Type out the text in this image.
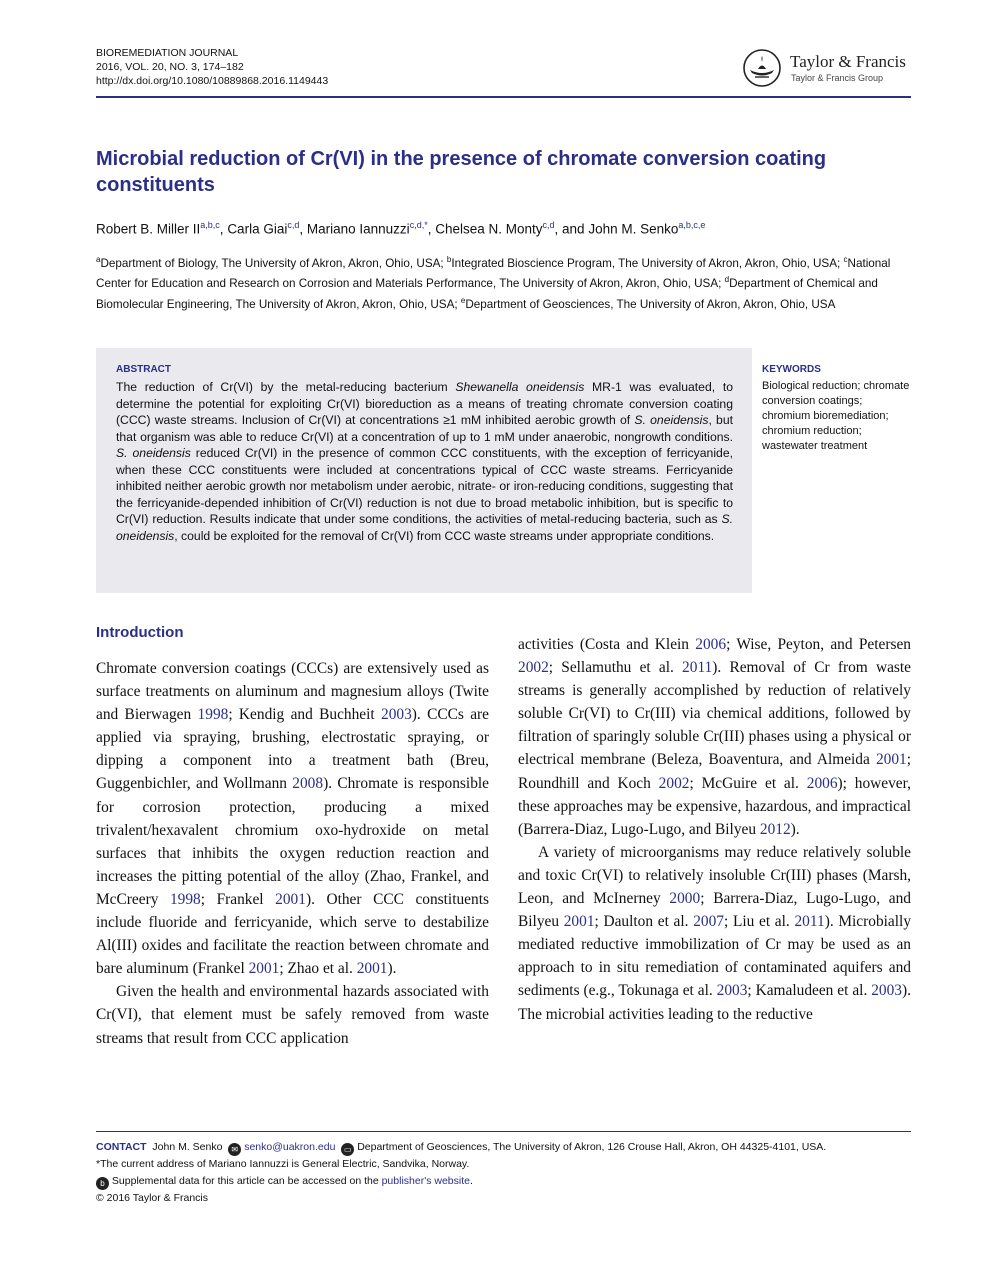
BIOREMEDIATION JOURNAL
2016, VOL. 20, NO. 3, 174–182
http://dx.doi.org/10.1080/10889868.2016.1149443
Taylor & Francis
Taylor & Francis Group
Microbial reduction of Cr(VI) in the presence of chromate conversion coating constituents
Robert B. Miller II$^{a,b,c}$, Carla Giai$^{c,d}$, Mariano Iannuzzi$^{c,d,*}$, Chelsea N. Monty$^{c,d}$, and John M. Senko$^{a,b,c,e}$
$^a$Department of Biology, The University of Akron, Akron, Ohio, USA; $^b$Integrated Bioscience Program, The University of Akron, Akron, Ohio, USA; $^c$National Center for Education and Research on Corrosion and Materials Performance, The University of Akron, Akron, Ohio, USA; $^d$Department of Chemical and Biomolecular Engineering, The University of Akron, Akron, Ohio, USA; $^e$Department of Geosciences, The University of Akron, Akron, Ohio, USA
ABSTRACT
The reduction of Cr(VI) by the metal-reducing bacterium Shewanella oneidensis MR-1 was evaluated, to determine the potential for exploiting Cr(VI) bioreduction as a means of treating chromate conversion coating (CCC) waste streams. Inclusion of Cr(VI) at concentrations ≥1 mM inhibited aerobic growth of S. oneidensis, but that organism was able to reduce Cr(VI) at a concentration of up to 1 mM under anaerobic, nongrowth conditions. S. oneidensis reduced Cr(VI) in the presence of common CCC constituents, with the exception of ferricyanide, when these CCC constituents were included at concentrations typical of CCC waste streams. Ferricyanide inhibited neither aerobic growth nor metabolism under aerobic, nitrate- or iron-reducing conditions, suggesting that the ferricyanide-depended inhibition of Cr(VI) reduction is not due to broad metabolic inhibition, but is specific to Cr(VI) reduction. Results indicate that under some conditions, the activities of metal-reducing bacteria, such as S. oneidensis, could be exploited for the removal of Cr(VI) from CCC waste streams under appropriate conditions.
KEYWORDS
Biological reduction; chromate conversion coatings; chromium bioremediation; chromium reduction; wastewater treatment
Introduction

Chromate conversion coatings (CCCs) are extensively used as surface treatments on aluminum and magnesium alloys (Twite and Bierwagen 1998; Kendig and Buchheit 2003). CCCs are applied via spraying, brushing, electrostatic spraying, or dipping a component into a treatment bath (Breu, Guggenbichler, and Wollmann 2008). Chromate is responsible for corrosion protection, producing a mixed trivalent/hexavalent chromium oxo-hydroxide on metal surfaces that inhibits the oxygen reduction reaction and increases the pitting potential of the alloy (Zhao, Frankel, and McCreery 1998; Frankel 2001). Other CCC constituents include fluoride and ferricyanide, which serve to destabilize Al(III) oxides and facilitate the reaction between chromate and bare aluminum (Frankel 2001; Zhao et al. 2001).

Given the health and environmental hazards associated with Cr(VI), that element must be safely removed from waste streams that result from CCC application

activities (Costa and Klein 2006; Wise, Peyton, and Petersen 2002; Sellamuthu et al. 2011). Removal of Cr from waste streams is generally accomplished by reduction of relatively soluble Cr(VI) to Cr(III) via chemical additions, followed by filtration of sparingly soluble Cr(III) phases using a physical or electrical membrane (Beleza, Boaventura, and Almeida 2001; Roundhill and Koch 2002; McGuire et al. 2006); however, these approaches may be expensive, hazardous, and impractical (Barrera-Diaz, Lugo-Lugo, and Bilyeu 2012).

A variety of microorganisms may reduce relatively soluble and toxic Cr(VI) to relatively insoluble Cr(III) phases (Marsh, Leon, and McInerney 2000; Barrera-Diaz, Lugo-Lugo, and Bilyeu 2001; Daulton et al. 2007; Liu et al. 2011). Microbially mediated reductive immobilization of Cr may be used as an approach to in situ remediation of contaminated aquifers and sediments (e.g., Tokunaga et al. 2003; Kamaludeen et al. 2003). The microbial activities leading to the reductive

CONTACT John M. Senko ✉ senko@uakron.edu ▭ Department of Geosciences, The University of Akron, 126 Crouse Hall, Akron, OH 44325-4101, USA.
*The current address of Mariano Iannuzzi is General Electric, Sandvika, Norway.
b Supplemental data for this article can be accessed on the publisher's website.
© 2016 Taylor & Francis
